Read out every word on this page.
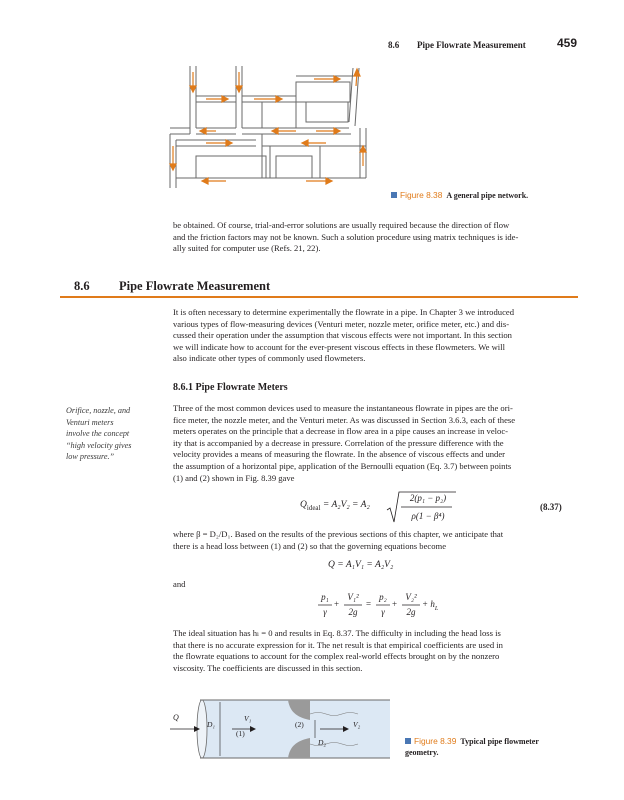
8.6 Pipe Flowrate Measurement	459
Figure 8.38 A general pipe network.
be obtained. Of course, trial-and-error solutions are usually required because the direction of flow
and the friction factors may not be known. Such a solution procedure using matrix techniques is ide-
ally suited for computer use (Refs. 21, 22).
8.6 Pipe Flowrate Measurement
It is often necessary to determine experimentally the flowrate in a pipe. In Chapter 3 we introduced
various types of flow-measuring devices (Venturi meter, nozzle meter, orifice meter, etc.) and dis-
cussed their operation under the assumption that viscous effects were not important. In this section
we will indicate how to account for the ever-present viscous effects in these flowmeters. We will
also indicate other types of commonly used flowmeters.
8.6.1 Pipe Flowrate Meters
Orifice, nozzle, and
Venturi meters
involve the concept
“high velocity gives
low pressure.”
Three of the most common devices used to measure the instantaneous flowrate in pipes are the ori-
fice meter, the nozzle meter, and the Venturi meter. As was discussed in Section 3.6.3, each of these
meters operates on the principle that a decrease in flow area in a pipe causes an increase in veloc-
ity that is accompanied by a decrease in pressure. Correlation of the pressure difference with the
velocity provides a means of measuring the flowrate. In the absence of viscous effects and under
the assumption of a horizontal pipe, application of the Bernoulli equation (Eq. 3.7) between points
(1) and (2) shown in Fig. 8.39 gave
$Q_{ideal} = A_2V_2 = A_2$
2(p₁ − p₂)
ρ(1 − β⁴)
(8.37)
where β = D₂/D₁. Based on the results of the previous sections of this chapter, we anticipate that
there is a head loss between (1) and (2) so that the governing equations become
Q = A₁V₁ = A₂V₂
and
p₁
γ
+
V₁²
2g
=
p₂
γ
+
V₂²
2g
+ $h_L$
The ideal situation has hₗ = 0 and results in Eq. 8.37. The difficulty in including the head loss is
that there is no accurate expression for it. The net result is that empirical coefficients are used in
the flowrate equations to account for the complex real-world effects brought on by the nonzero
viscosity. The coefficients are discussed in this section.
Q
D₁
V₁
(1)
(2)	V₂
D₂	Figure 8.39 Typical pipe flowmeter
geometry.
